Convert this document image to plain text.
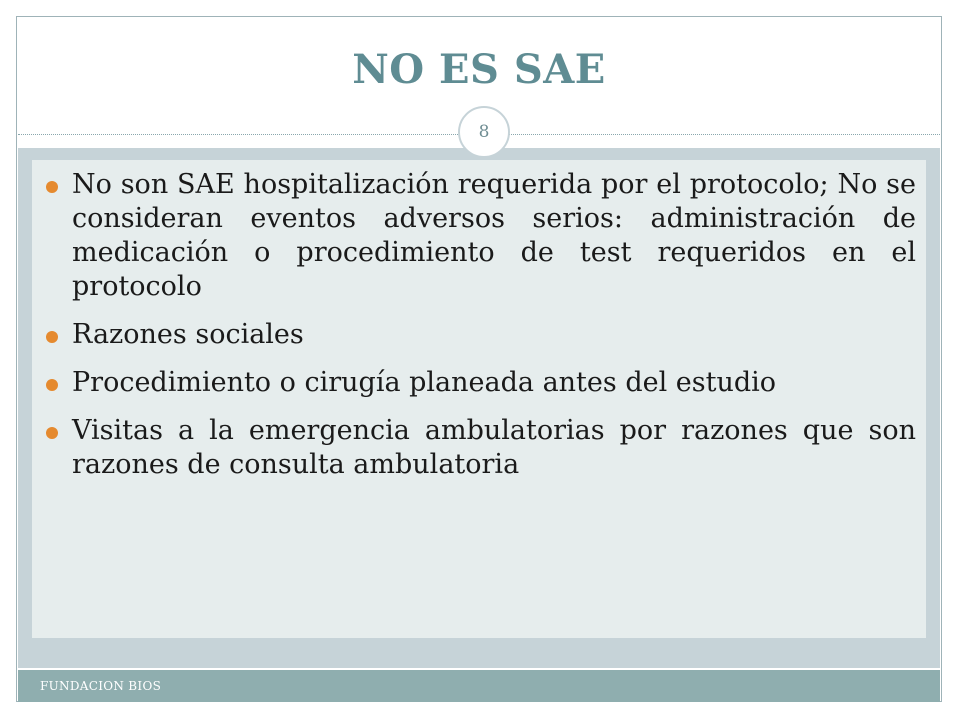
NO ES SAE
8
No son SAE hospitalización requerida por el protocolo; No se consideran eventos adversos serios: administración de medicación o procedimiento de test requeridos en el protocolo
Razones sociales
Procedimiento o cirugía planeada antes del estudio
Visitas a la emergencia ambulatorias por razones que son razones de consulta ambulatoria
FUNDACION BIOS
